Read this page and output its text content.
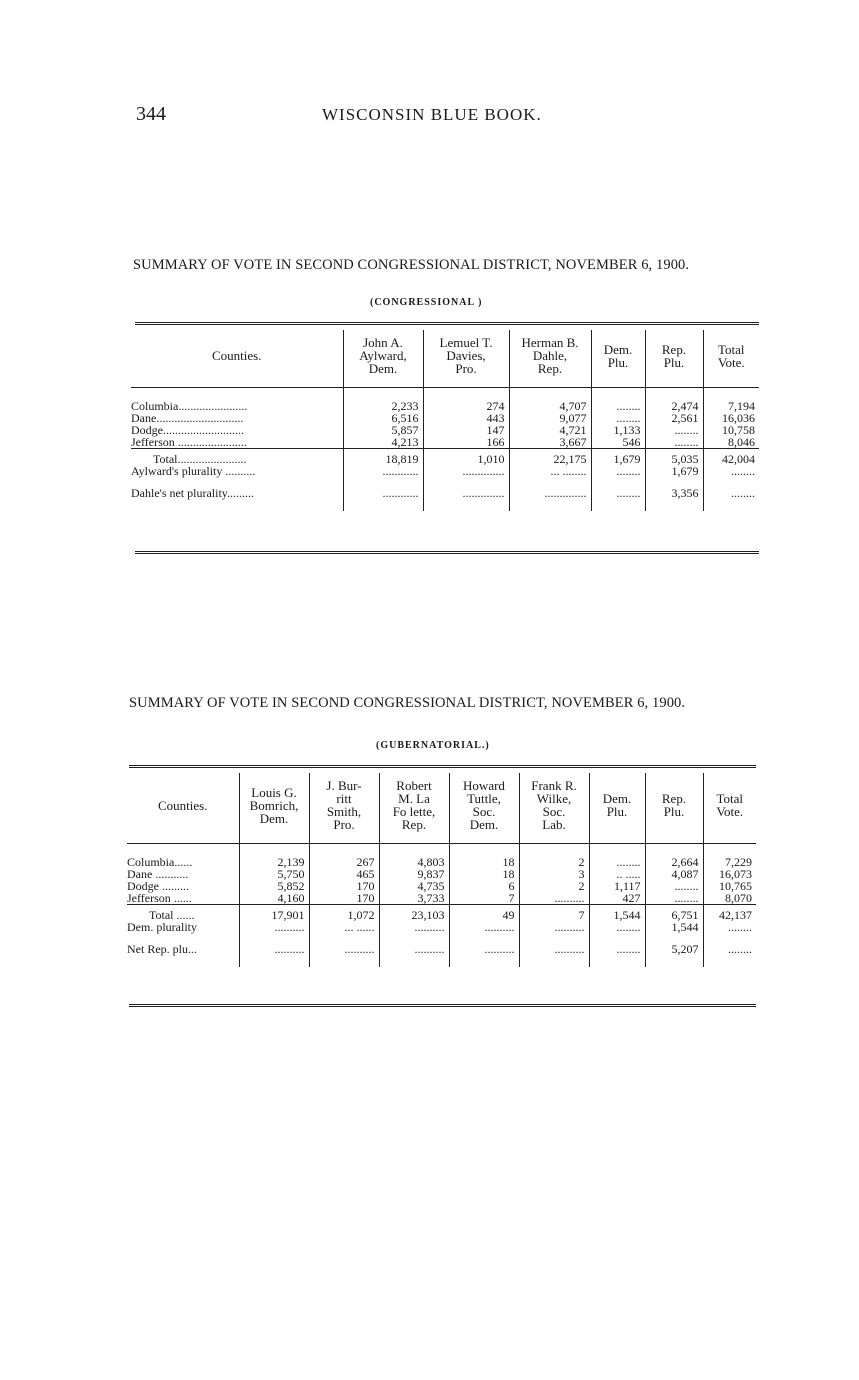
344	WISCONSIN BLUE BOOK.
SUMMARY OF VOTE IN SECOND CONGRESSIONAL DISTRICT, NOVEMBER 6, 1900.
(CONGRESSIONAL )
Counties.	John A.
Aylward,
Dem.	Lemuel T.
Davies,
Pro.	Herman B.
Dahle,
Rep.	Dem.
Plu.	Rep.
Plu.	Total
Vote.

Columbia.......................	2,233	274	4,707	........	2,474	7,194
Dane.............................	6,516	443	9,077	........	2,561	16,036
Dodge...........................	5,857	147	4,721	1,133	........	10,758
Jefferson .......................	4,213	166	3,667	546	........	8,046
Total.......................	18,819	1,010	22,175	1,679	5,035	42,004
Aylward's plurality ..........	............	..............	... ........	........	1,679	........

Dahle's net plurality.........	............	..............	..............	........	3,356	........

SUMMARY OF VOTE IN SECOND CONGRESSIONAL DISTRICT, NOVEMBER 6, 1900.
(GUBERNATORIAL.)
Counties.	Louis G.
Bomrich,
Dem.	J. Bur-
ritt
Smith,
Pro.	Robert
M. La
Fo lette,
Rep.	Howard
Tuttle,
Soc.
Dem.	Frank R.
Wilke,
Soc.
Lab.	Dem.
Plu.	Rep.
Plu.	Total
Vote.

Columbia......	2,139	267	4,803	18	2	........	2,664	7,229
Dane ...........	5,750	465	9,837	18	3	.. .....	4,087	16,073
Dodge .........	5,852	170	4,735	6	2	1,117	........	10,765
Jefferson ......	4,160	170	3,733	7	..........	427	........	8,070
Total ......	17,901	1,072	23,103	49	7	1,544	6,751	42,137
Dem. plurality	..........	... ......	..........	..........	..........	........	1,544	........

Net Rep. plu...	..........	..........	..........	..........	..........	........	5,207	........
